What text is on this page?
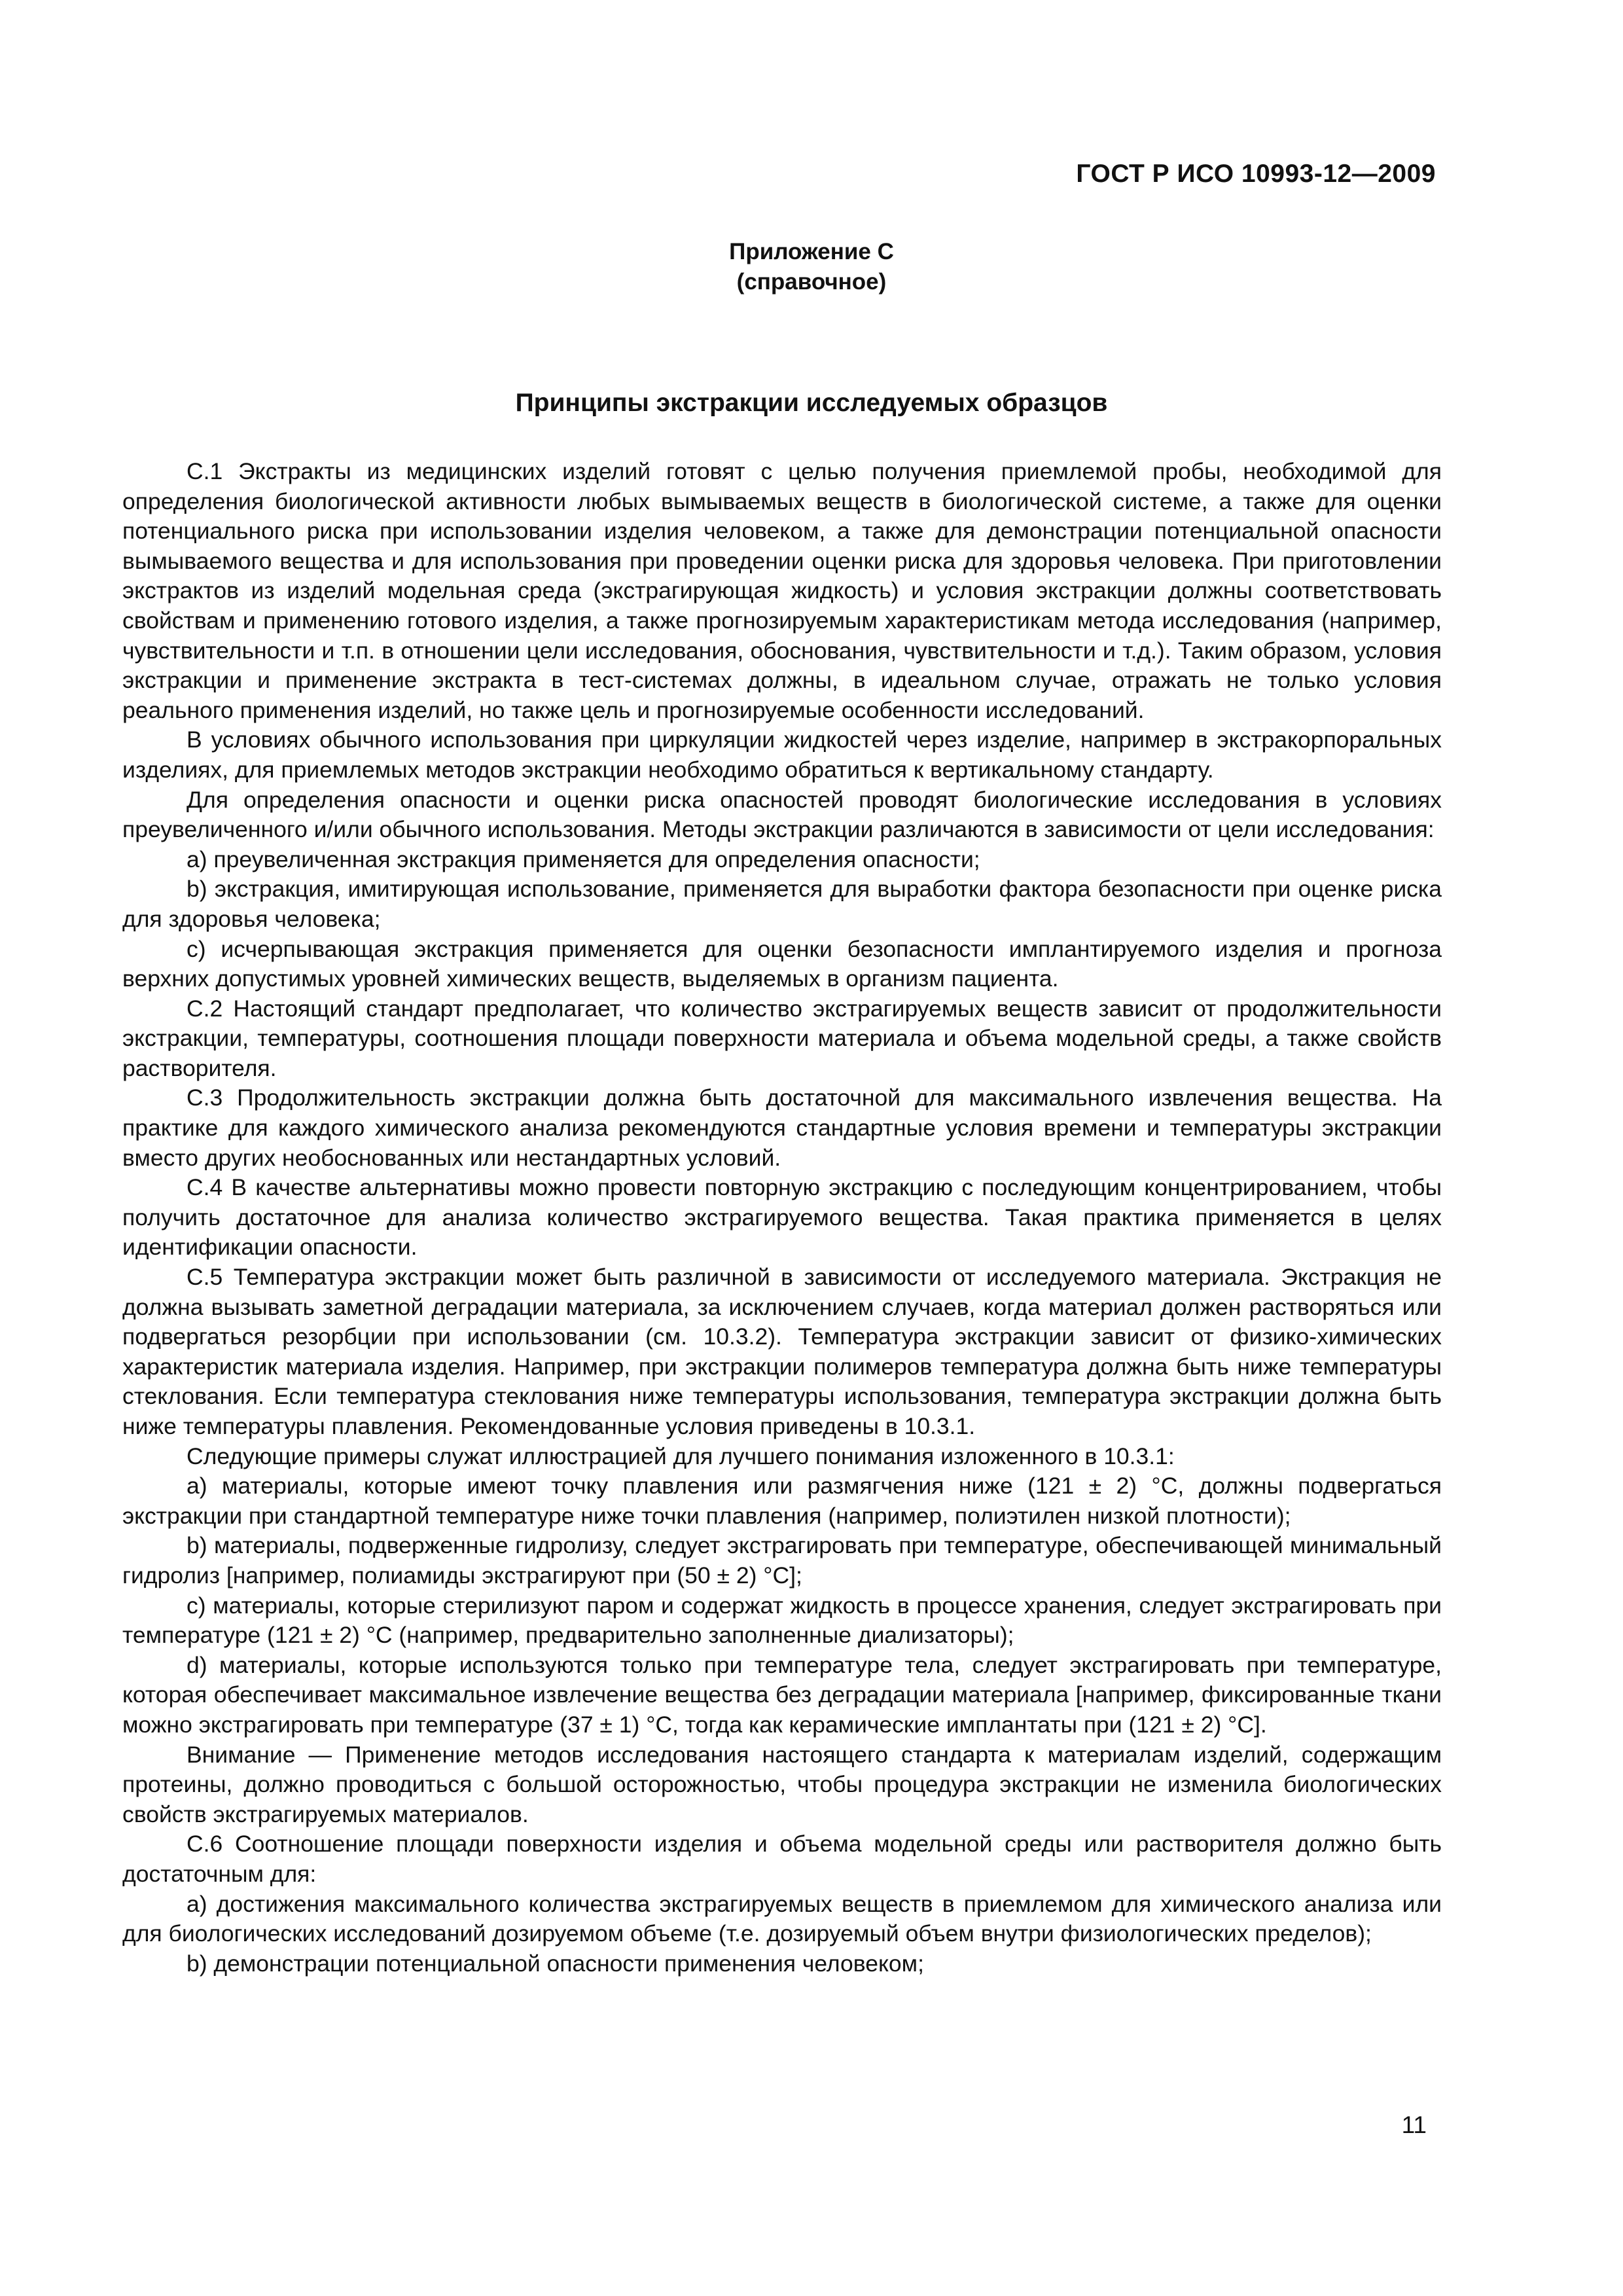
ГОСТ Р ИСО 10993-12—2009
Приложение С
(справочное)
Принципы экстракции исследуемых образцов

С.1 Экстракты из медицинских изделий готовят с целью получения приемлемой пробы, необходимой для определения биологической активности любых вымываемых веществ в биологической системе, а также для оценки потенциального риска при использовании изделия человеком, а также для демонстрации потенциальной опасности вымываемого вещества и для использования при проведении оценки риска для здоровья человека. При приготовлении экстрактов из изделий модельная среда (экстрагирующая жидкость) и условия экстракции должны соответствовать свойствам и применению готового изделия, а также прогнозируемым характеристикам метода исследования (например, чувствительности и т.п. в отношении цели исследования, обоснования, чувствительности и т.д.). Таким образом, условия экстракции и применение экстракта в тест-системах должны, в идеальном случае, отражать не только условия реального применения изделий, но также цель и прогнозируемые особенности исследований.

В условиях обычного использования при циркуляции жидкостей через изделие, например в экстракорпоральных изделиях, для приемлемых методов экстракции необходимо обратиться к вертикальному стандарту.

Для определения опасности и оценки риска опасностей проводят биологические исследования в условиях преувеличенного и/или обычного использования. Методы экстракции различаются в зависимости от цели исследования:

a) преувеличенная экстракция применяется для определения опасности;

b) экстракция, имитирующая использование, применяется для выработки фактора безопасности при оценке риска для здоровья человека;

c) исчерпывающая экстракция применяется для оценки безопасности имплантируемого изделия и прогноза верхних допустимых уровней химических веществ, выделяемых в организм пациента.

С.2 Настоящий стандарт предполагает, что количество экстрагируемых веществ зависит от продолжительности экстракции, температуры, соотношения площади поверхности материала и объема модельной среды, а также свойств растворителя.

С.3 Продолжительность экстракции должна быть достаточной для максимального извлечения вещества. На практике для каждого химического анализа рекомендуются стандартные условия времени и температуры экстракции вместо других необоснованных или нестандартных условий.

С.4 В качестве альтернативы можно провести повторную экстракцию с последующим концентрированием, чтобы получить достаточное для анализа количество экстрагируемого вещества. Такая практика применяется в целях идентификации опасности.

С.5 Температура экстракции может быть различной в зависимости от исследуемого материала. Экстракция не должна вызывать заметной деградации материала, за исключением случаев, когда материал должен растворяться или подвергаться резорбции при использовании (см. 10.3.2). Температура экстракции зависит от физико-химических характеристик материала изделия. Например, при экстракции полимеров температура должна быть ниже температуры стеклования. Если температура стеклования ниже температуры использования, температура экстракции должна быть ниже температуры плавления. Рекомендованные условия приведены в 10.3.1.

Следующие примеры служат иллюстрацией для лучшего понимания изложенного в 10.3.1:

a) материалы, которые имеют точку плавления или размягчения ниже (121 ± 2) °С, должны подвергаться экстракции при стандартной температуре ниже точки плавления (например, полиэтилен низкой плотности);

b) материалы, подверженные гидролизу, следует экстрагировать при температуре, обеспечивающей минимальный гидролиз [например, полиамиды экстрагируют при (50 ± 2) °С];

c) материалы, которые стерилизуют паром и содержат жидкость в процессе хранения, следует экстрагировать при температуре (121 ± 2) °С (например, предварительно заполненные диализаторы);

d) материалы, которые используются только при температуре тела, следует экстрагировать при температуре, которая обеспечивает максимальное извлечение вещества без деградации материала [например, фиксированные ткани можно экстрагировать при температуре (37 ± 1) °С, тогда как керамические имплантаты при (121 ± 2) °С].

Внимание — Применение методов исследования настоящего стандарта к материалам изделий, содержащим протеины, должно проводиться с большой осторожностью, чтобы процедура экстракции не изменила биологических свойств экстрагируемых материалов.

С.6 Соотношение площади поверхности изделия и объема модельной среды или растворителя должно быть достаточным для:

a) достижения максимального количества экстрагируемых веществ в приемлемом для химического анализа или для биологических исследований дозируемом объеме (т.е. дозируемый объем внутри физиологических пределов);

b) демонстрации потенциальной опасности применения человеком;

11
